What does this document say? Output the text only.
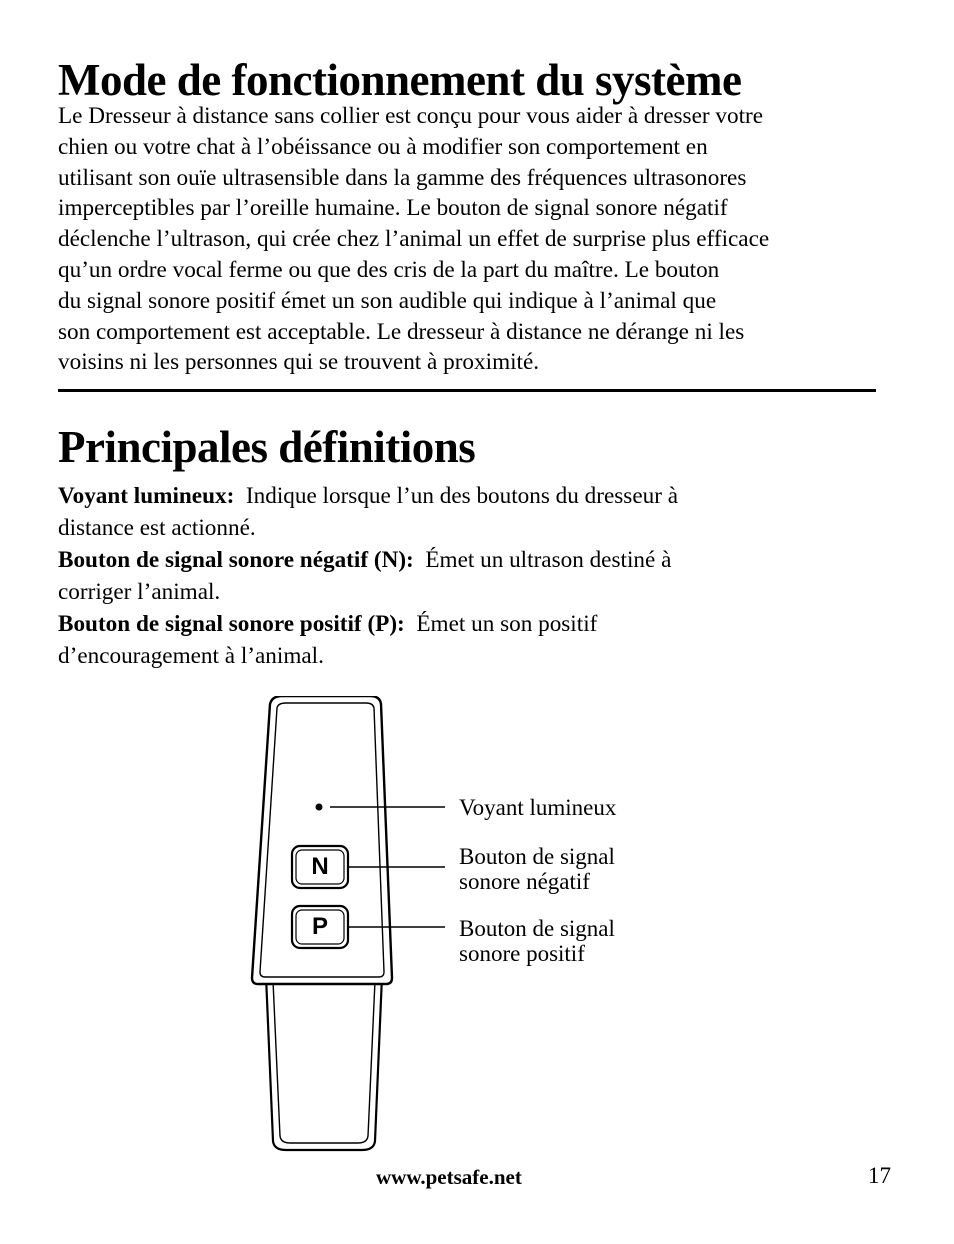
Mode de fonctionnement du système

Le Dresseur à distance sans collier est conçu pour vous aider à dresser votre
chien ou votre chat à l’obéissance ou à modifier son comportement en
utilisant son ouïe ultrasensible dans la gamme des fréquences ultrasonores
imperceptibles par l’oreille humaine. Le bouton de signal sonore négatif
déclenche l’ultrason, qui crée chez l’animal un effet de surprise plus efficace
qu’un ordre vocal ferme ou que des cris de la part du maître. Le bouton
du signal sonore positif émet un son audible qui indique à l’animal que
son comportement est acceptable. Le dresseur à distance ne dérange ni les
voisins ni les personnes qui se trouvent à proximité.

Principales définitions

Voyant lumineux: Indique lorsque l’un des boutons du dresseur à
distance est actionné.

Bouton de signal sonore négatif (N): Émet un ultrason destiné à
corriger l’animal.

Bouton de signal sonore positif (P): Émet un son positif
d’encouragement à l’animal.

N
P
Voyant lumineux
Bouton de signal
sonore négatif
Bouton de signal
sonore positif
www.petsafe.net	17
